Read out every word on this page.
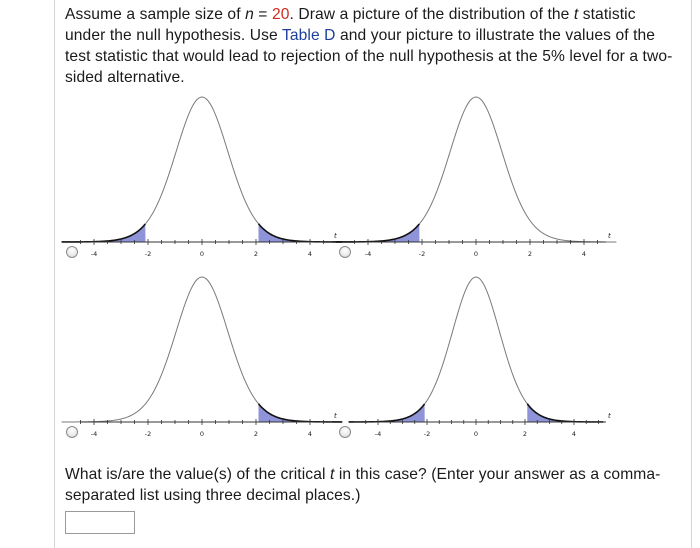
Assume a sample size of n = 20. Draw a picture of the distribution of the t statistic under the null hypothesis. Use Table D and your picture to illustrate the values of the test statistic that would lead to rejection of the null hypothesis at the 5% level for a two-sided alternative.

-4	-2	0	2	4
t
-4	-2	0	2	4
t
-4	-2	0	2	4
t
-4	-2	0	2	4
t

What is/are the value(s) of the critical t in this case? (Enter your answer as a comma-separated list using three decimal places.)
